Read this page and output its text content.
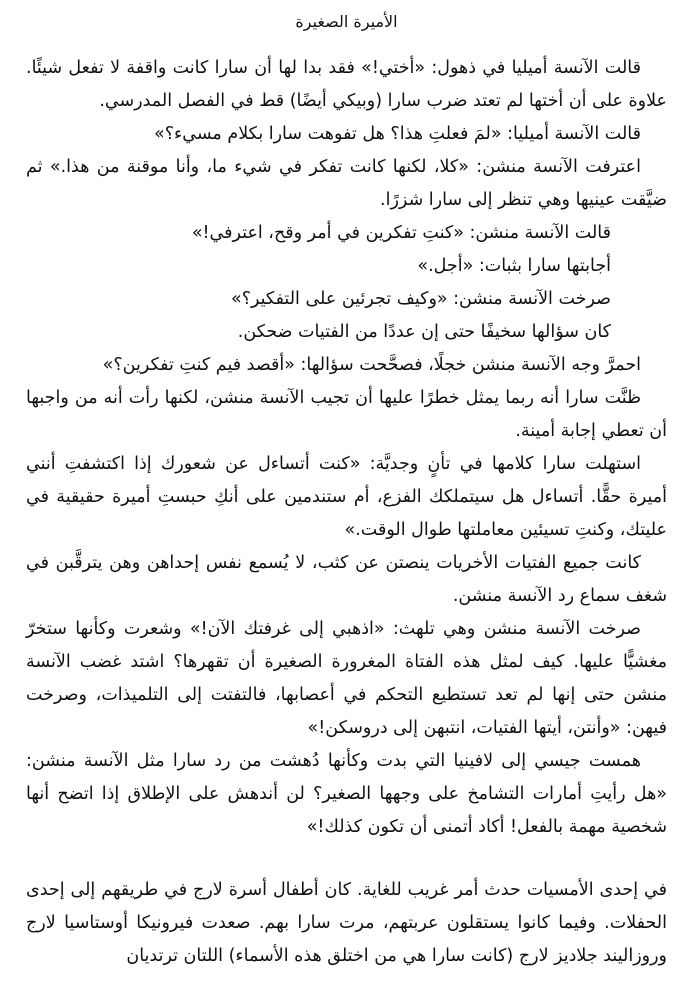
الأميرة الصغيرة

قالت الآنسة أميليا في ذهول: «أختي!» فقد بدا لها أن سارا كانت واقفة لا تفعل شيئًا. علاوة على أن أختها لم تعتد ضرب سارا (وبيكي أيضًا) قط في الفصل المدرسي.

قالت الآنسة أميليا: «لمَ فعلتِ هذا؟ هل تفوهت سارا بكلام مسيء؟»

اعترفت الآنسة منشن: «كلا، لكنها كانت تفكر في شيء ما، وأنا موقنة من هذا.» ثم ضيَّقت عينيها وهي تنظر إلى سارا شزرًا.

قالت الآنسة منشن: «كنتِ تفكرين في أمر وقح، اعترفي!»

أجابتها سارا بثبات: «أجل.»

صرخت الآنسة منشن: «وكيف تجرئين على التفكير؟»

كان سؤالها سخيفًا حتى إن عددًا من الفتيات ضحكن.

احمرَّ وجه الآنسة منشن خجلًا، فصحَّحت سؤالها: «أقصد فيم كنتِ تفكرين؟»

ظنَّت سارا أنه ربما يمثل خطرًا عليها أن تجيب الآنسة منشن، لكنها رأت أنه من واجبها أن تعطي إجابة أمينة.

استهلت سارا كلامها في تأنٍ وجديَّة: «كنت أتساءل عن شعورك إذا اكتشفتِ أنني أميرة حقًّا. أتساءل هل سيتملكك الفزع، أم ستندمين على أنكِ حبستِ أميرة حقيقية في عليتك، وكنتِ تسيئين معاملتها طوال الوقت.»

كانت جميع الفتيات الأخريات ينصتن عن كثب، لا يُسمع نفس إحداهن وهن يترقَّبن في شغف سماع رد الآنسة منشن.

صرخت الآنسة منشن وهي تلهث: «اذهبي إلى غرفتك الآن!» وشعرت وكأنها ستخرّ مغشيًّا عليها. كيف لمثل هذه الفتاة المغرورة الصغيرة أن تقهرها؟ اشتد غضب الآنسة منشن حتى إنها لم تعد تستطيع التحكم في أعصابها، فالتفتت إلى التلميذات، وصرخت فيهن: «وأنتن، أيتها الفتيات، انتبهن إلى دروسكن!»

همست جيسي إلى لافينيا التي بدت وكأنها دُهشت من رد سارا مثل الآنسة منشن: «هل رأيتِ أمارات التشامخ على وجهها الصغير؟ لن أندهش على الإطلاق إذا اتضح أنها شخصية مهمة بالفعل! أكاد أتمنى أن تكون كذلك!»

في إحدى الأمسيات حدث أمر غريب للغاية. كان أطفال أسرة لارج في طريقهم إلى إحدى الحفلات. وفيما كانوا يستقلون عربتهم، مرت سارا بهم. صعدت فيرونيكا أوستاسيا لارج وروزاليند جلاديز لارج (كانت سارا هي من اختلق هذه الأسماء) اللتان ترتديان
